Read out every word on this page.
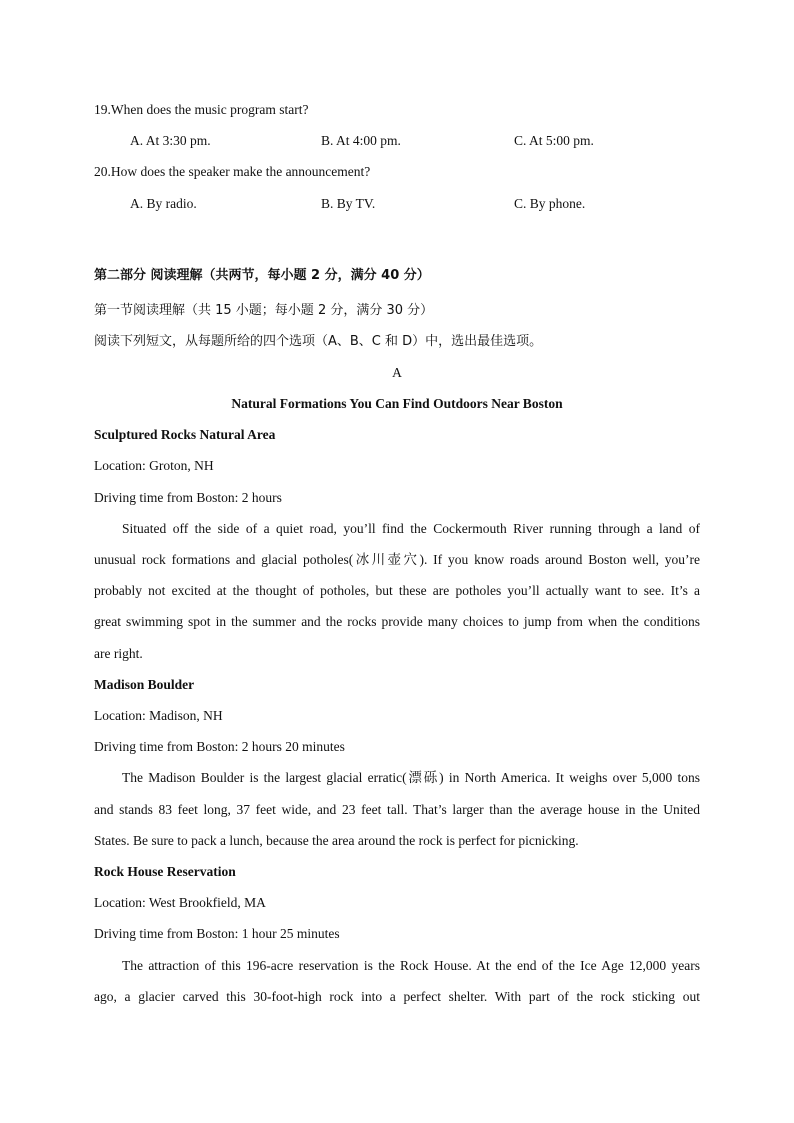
19.When does the music program start?
A. At 3:30 pm.	B. At 4:00 pm.	C. At 5:00 pm.
20.How does the speaker make the announcement?
A. By radio.	B. By TV.	C. By phone.
第二部分 阅读理解（共两节，每小题 2 分，满分 40 分）
第一节阅读理解（共 15 小题；每小题 2 分，满分 30 分）
阅读下列短文，从每题所给的四个选项（A、B、C 和 D）中，选出最佳选项。
A
Natural Formations You Can Find Outdoors Near Boston
Sculptured Rocks Natural Area
Location: Groton, NH
Driving time from Boston: 2 hours
Situated off the side of a quiet road, you’ll find the Cockermouth River running through a land of
unusual rock formations and glacial potholes(冰川壶穴). If you know roads around Boston well, you’re
probably not excited at the thought of potholes, but these are potholes you’ll actually want to see. It’s a
great swimming spot in the summer and the rocks provide many choices to jump from when the conditions
are right.
Madison Boulder
Location: Madison, NH
Driving time from Boston: 2 hours 20 minutes
The Madison Boulder is the largest glacial erratic(漂砾) in North America. It weighs over 5,000 tons
and stands 83 feet long, 37 feet wide, and 23 feet tall. That’s larger than the average house in the United
States. Be sure to pack a lunch, because the area around the rock is perfect for picnicking.
Rock House Reservation
Location: West Brookfield, MA
Driving time from Boston: 1 hour 25 minutes
The attraction of this 196-acre reservation is the Rock House. At the end of the Ice Age 12,000 years
ago, a glacier carved this 30-foot-high rock into a perfect shelter. With part of the rock sticking out
